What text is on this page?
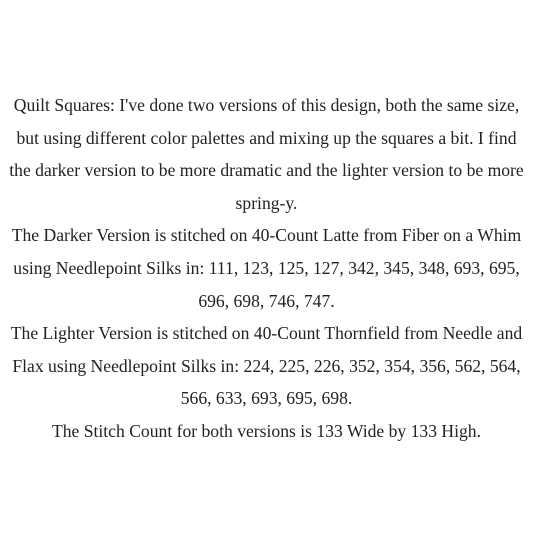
Quilt Squares: I've done two versions of this design, both the same size, but using different color palettes and mixing up the squares a bit. I find the darker version to be more dramatic and the lighter version to be more spring-y.

The Darker Version is stitched on 40-Count Latte from Fiber on a Whim using Needlepoint Silks in: 111, 123, 125, 127, 342, 345, 348, 693, 695, 696, 698, 746, 747.

The Lighter Version is stitched on 40-Count Thornfield from Needle and Flax using Needlepoint Silks in: 224, 225, 226, 352, 354, 356, 562, 564, 566, 633, 693, 695, 698.

The Stitch Count for both versions is 133 Wide by 133 High.
